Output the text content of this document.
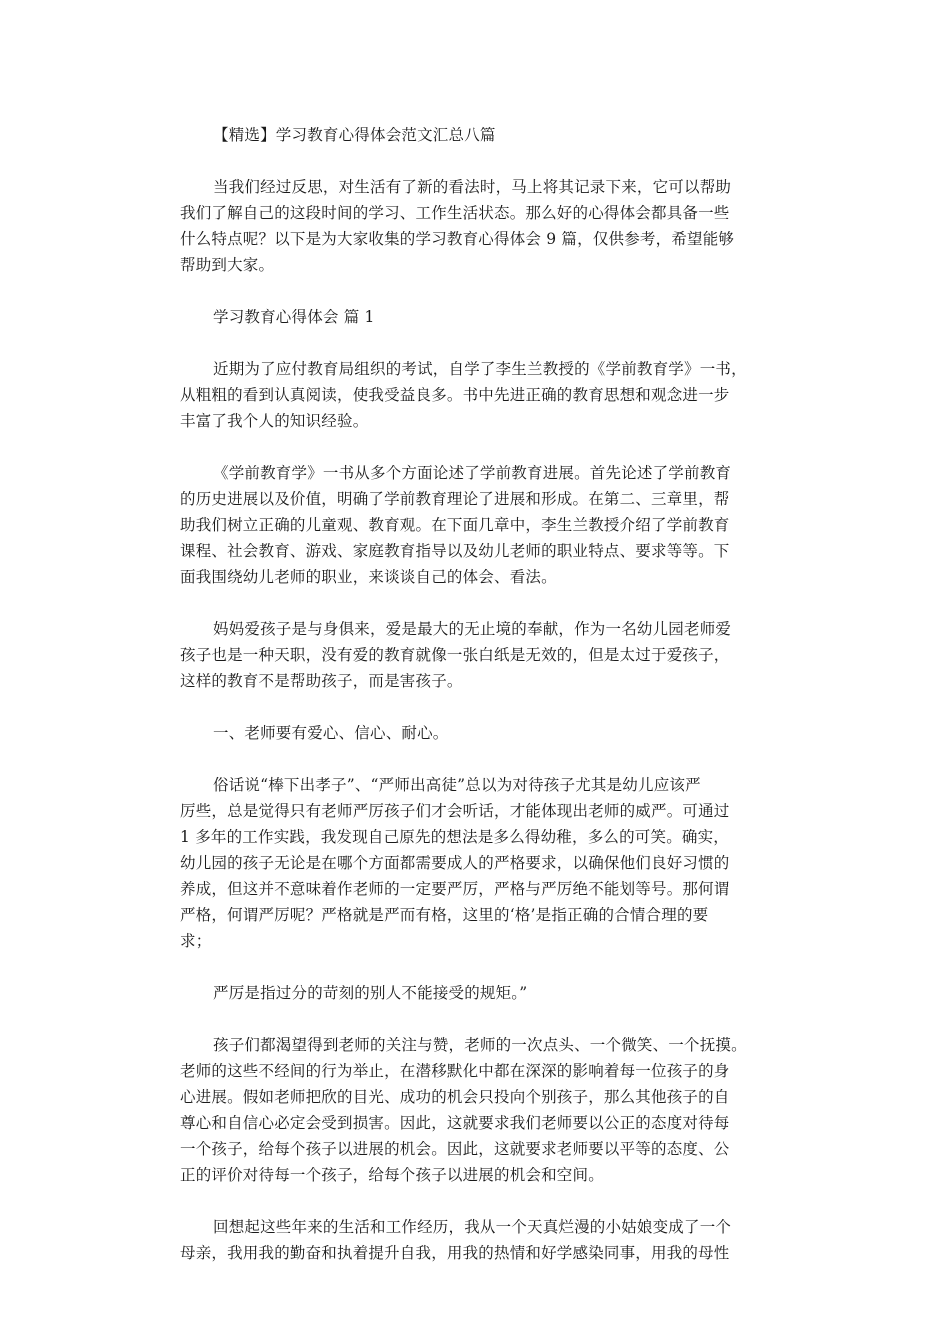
【精选】学习教育心得体会范文汇总八篇
当我们经过反思，对生活有了新的看法时，马上将其记录下来，它可以帮助
我们了解自己的这段时间的学习、工作生活状态。那么好的心得体会都具备一些
什么特点呢？以下是为大家收集的学习教育心得体会 9 篇，仅供参考，希望能够
帮助到大家。
学习教育心得体会 篇 1
近期为了应付教育局组织的考试，自学了李生兰教授的《学前教育学》一书，
从粗粗的看到认真阅读，使我受益良多。书中先进正确的教育思想和观念进一步
丰富了我个人的知识经验。
《学前教育学》一书从多个方面论述了学前教育进展。首先论述了学前教育
的历史进展以及价值，明确了学前教育理论了进展和形成。在第二、三章里，帮
助我们树立正确的儿童观、教育观。在下面几章中，李生兰教授介绍了学前教育
课程、社会教育、游戏、家庭教育指导以及幼儿老师的职业特点、要求等等。下
面我围绕幼儿老师的职业，来谈谈自己的体会、看法。
妈妈爱孩子是与身俱来，爱是最大的无止境的奉献，作为一名幼儿园老师爱
孩子也是一种天职，没有爱的教育就像一张白纸是无效的，但是太过于爱孩子，
这样的教育不是帮助孩子，而是害孩子。
一、老师要有爱心、信心、耐心。
俗话说“棒下出孝子”、“严师出高徒”总以为对待孩子尤其是幼儿应该严
厉些，总是觉得只有老师严厉孩子们才会听话，才能体现出老师的威严。可通过
1 多年的工作实践，我发现自己原先的想法是多么得幼稚，多么的可笑。确实，
幼儿园的孩子无论是在哪个方面都需要成人的严格要求，以确保他们良好习惯的
养成，但这并不意味着作老师的一定要严厉，严格与严厉绝不能划等号。那何谓
严格，何谓严厉呢？严格就是严而有格，这里的‘格’是指正确的合情合理的要
求；
严厉是指过分的苛刻的别人不能接受的规矩。”
孩子们都渴望得到老师的关注与赞，老师的一次点头、一个微笑、一个抚摸。
老师的这些不经间的行为举止，在潜移默化中都在深深的影响着每一位孩子的身
心进展。假如老师把欣的目光、成功的机会只投向个别孩子，那么其他孩子的自
尊心和自信心必定会受到损害。因此，这就要求我们老师要以公正的态度对待每
一个孩子，给每个孩子以进展的机会。因此，这就要求老师要以平等的态度、公
正的评价对待每一个孩子，给每个孩子以进展的机会和空间。
回想起这些年来的生活和工作经历，我从一个天真烂漫的小姑娘变成了一个
母亲，我用我的勤奋和执着提升自我，用我的热情和好学感染同事，用我的母性
